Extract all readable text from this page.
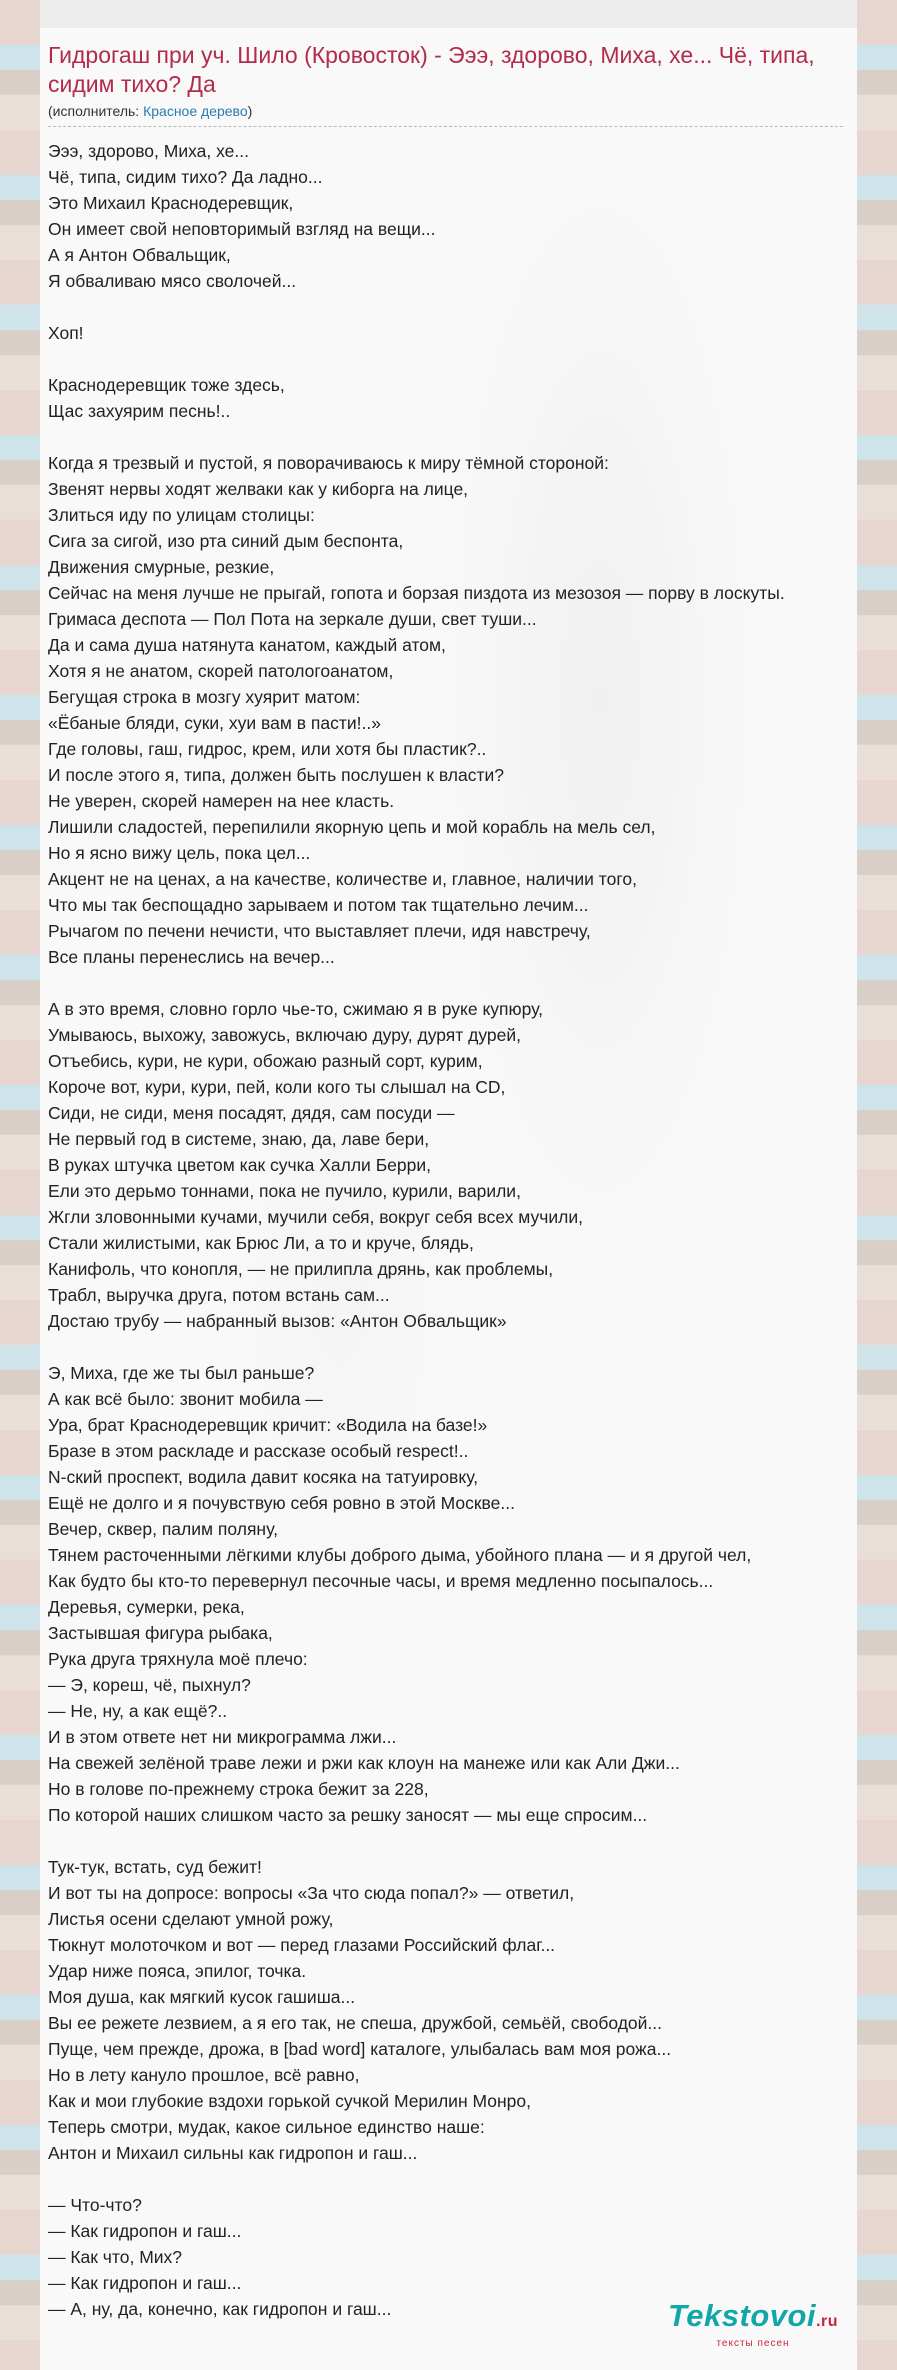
Гидрогаш при уч. Шило (Кровосток) - Эээ, здорово, Миха, хе... Чё, типа, сидим тихо? Да

(исполнитель: Красное дерево)

Эээ, здорово, Миха, хе...
Чё, типа, сидим тихо? Да ладно...
Это Михаил Краснодеревщик,
Он имеет свой неповторимый взгляд на вещи...
А я Антон Обвальщик,
Я обваливаю мясо сволочей...
Хоп!
Краснодеревщик тоже здесь,
Щас захуярим песнь!..
Когда я трезвый и пустой, я поворачиваюсь к миру тёмной стороной:
Звенят нервы ходят желваки как у киборга на лице,
Злиться иду по улицам столицы:
Сига за сигой, изо рта синий дым беспонта,
Движения смурные, резкие,
Сейчас на меня лучше не прыгай, гопота и борзая пиздота из мезозоя — порву в лоскуты.
Гримаса деспота — Пол Пота на зеркале души, свет туши...
Да и сама душа натянута канатом, каждый атом,
Хотя я не анатом, скорей патологоанатом,
Бегущая строка в мозгу хуярит матом:
«Ёбаные бляди, суки, хуи вам в пасти!..»
Где головы, гаш, гидрос, крем, или хотя бы пластик?..
И после этого я, типа, должен быть послушен к власти?
Не уверен, скорей намерен на нее класть.
Лишили сладостей, перепилили якорную цепь и мой корабль на мель сел,
Но я ясно вижу цель, пока цел...
Акцент не на ценах, а на качестве, количестве и, главное, наличии того,
Что мы так беспощадно зарываем и потом так тщательно лечим...
Рычагом по печени нечисти, что выставляет плечи, идя навстречу,
Все планы перенеслись на вечер...
А в это время, словно горло чье-то, сжимаю я в руке купюру,
Умываюсь, выхожу, завожусь, включаю дуру, дурят дурей,
Отъебись, кури, не кури, обожаю разный сорт, курим,
Короче вот, кури, кури, пей, коли кого ты слышал на CD,
Сиди, не сиди, меня посадят, дядя, сам посуди —
Не первый год в системе, знаю, да, лаве бери,
В руках штучка цветом как сучка Халли Берри,
Ели это дерьмо тоннами, пока не пучило, курили, варили,
Жгли зловонными кучами, мучили себя, вокруг себя всех мучили,
Стали жилистыми, как Брюс Ли, а то и круче, блядь,
Канифоль, что конопля, — не прилипла дрянь, как проблемы,
Трабл, выручка друга, потом встань сам...
Достаю трубу — набранный вызов: «Антон Обвальщик»
Э, Миха, где же ты был раньше?
А как всё было: звонит мобила —
Ура, брат Краснодеревщик кричит: «Водила на базе!»
Бразе в этом раскладе и рассказе особый respect!..
N-ский проспект, водила давит косяка на татуировку,
Ещё не долго и я почувствую себя ровно в этой Москве...
Вечер, сквер, палим поляну,
Тянем расточенными лёгкими клубы доброго дыма, убойного плана — и я другой чел,
Как будто бы кто-то перевернул песочные часы, и время медленно посыпалось...
Деревья, сумерки, река,
Застывшая фигура рыбака,
Рука друга тряхнула моё плечо:
— Э, кореш, чё, пыхнул?
— Не, ну, а как ещё?..
И в этом ответе нет ни микрограмма лжи...
На свежей зелёной траве лежи и ржи как клоун на манеже или как Али Джи...
Но в голове по-прежнему строка бежит за 228,
По которой наших слишком часто за решку заносят — мы еще спросим...
Тук-тук, встать, суд бежит!
И вот ты на допросе: вопросы «За что сюда попал?» — ответил,
Листья осени сделают умной рожу,
Тюкнут молоточком и вот — перед глазами Российский флаг...
Удар ниже пояса, эпилог, точка.
Моя душа, как мягкий кусок гашиша...
Вы ее режете лезвием, а я его так, не спеша, дружбой, семьёй, свободой...
Пуще, чем прежде, дрожа, в [bad word] каталоге, улыбалась вам моя рожа...
Но в лету кануло прошлое, всё равно,
Как и мои глубокие вздохи горькой сучкой Мерилин Монро,
Теперь смотри, мудак, какое сильное единство наше:
Антон и Михаил сильны как гидропон и гаш...
— Что-что?
— Как гидропон и гаш...
— Как что, Мих?
— Как гидропон и гаш...
— А, ну, да, конечно, как гидропон и гаш...	Tekstovoi.ru
тексты песен
